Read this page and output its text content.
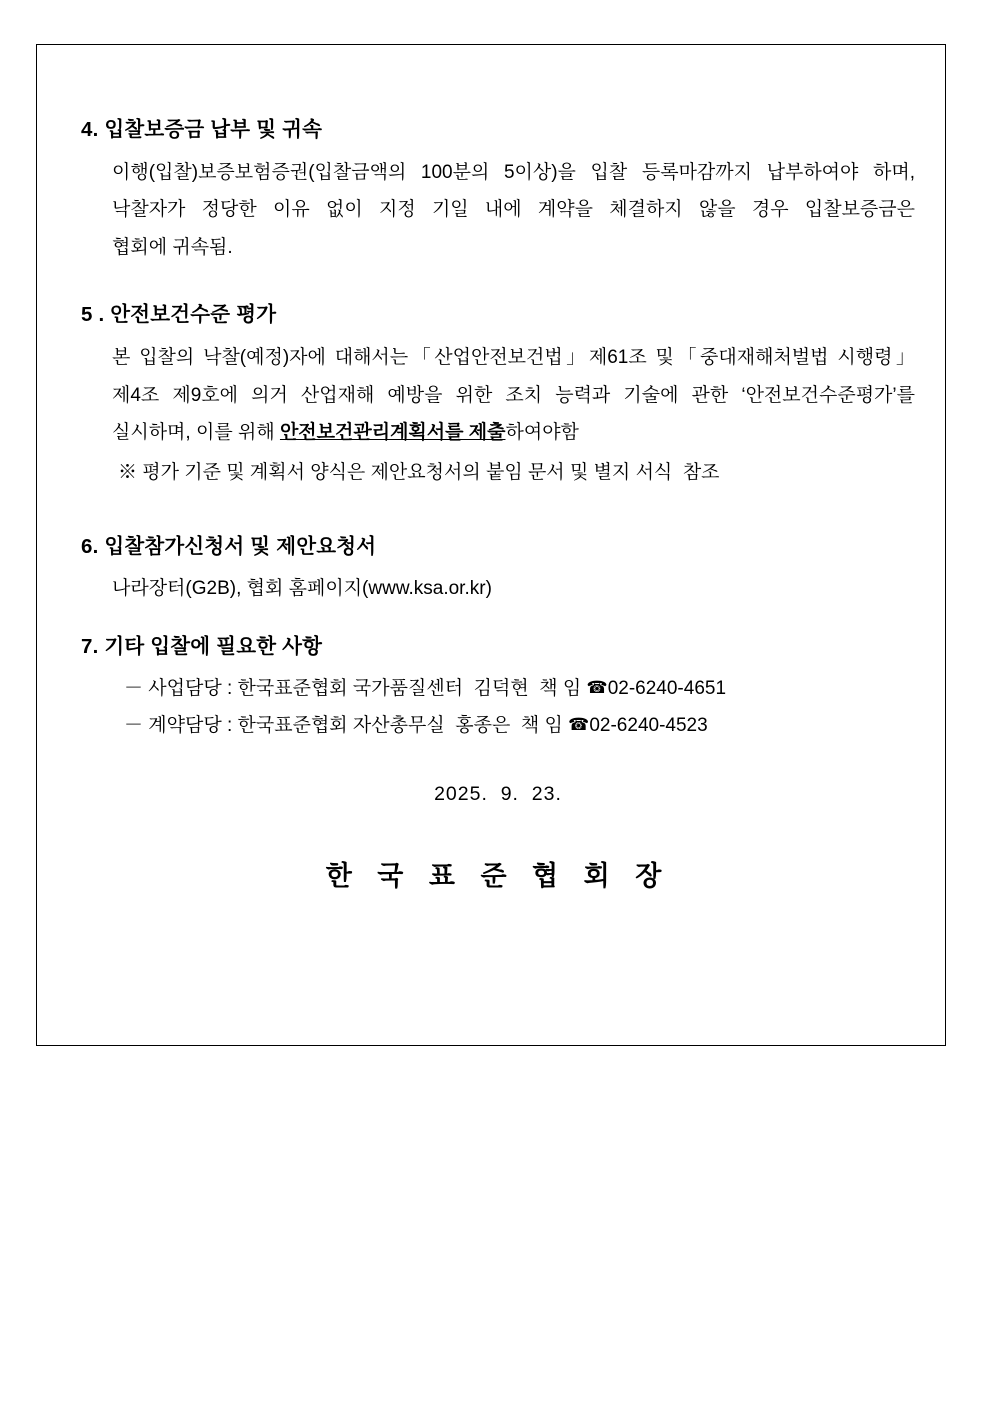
4. 입찰보증금 납부 및 귀속
이행(입찰)보증보험증권(입찰금액의 100분의 5이상)을 입찰 등록마감까지 납부하여야 하며,
낙찰자가 정당한 이유 없이 지정 기일 내에 계약을 체결하지 않을 경우 입찰보증금은
협회에 귀속됨.
5 . 안전보건수준 평가
본 입찰의 낙찰(예정)자에 대해서는「산업안전보건법」제61조 및「중대재해처벌법 시행령」
제4조 제9호에 의거 산업재해 예방을 위한 조치 능력과 기술에 관한 ‘안전보건수준평가’를
실시하며, 이를 위해 안전보건관리계획서를 제출하여야함
※ 평가 기준 및 계획서 양식은 제안요청서의 붙임 문서 및 별지 서식  참조
6. 입찰참가신청서 및 제안요청서
나라장터(G2B), 협회 홈페이지(www.ksa.or.kr)
7. 기타 입찰에 필요한 사항
－ 사업담당 : 한국표준협회 국가품질센터  김덕현  책 임 ☎02-6240-4651
－ 계약담당 : 한국표준협회 자산총무실  홍종은  책 임 ☎02-6240-4523
2025.  9.  23.
한 국 표 준 협 회 장
